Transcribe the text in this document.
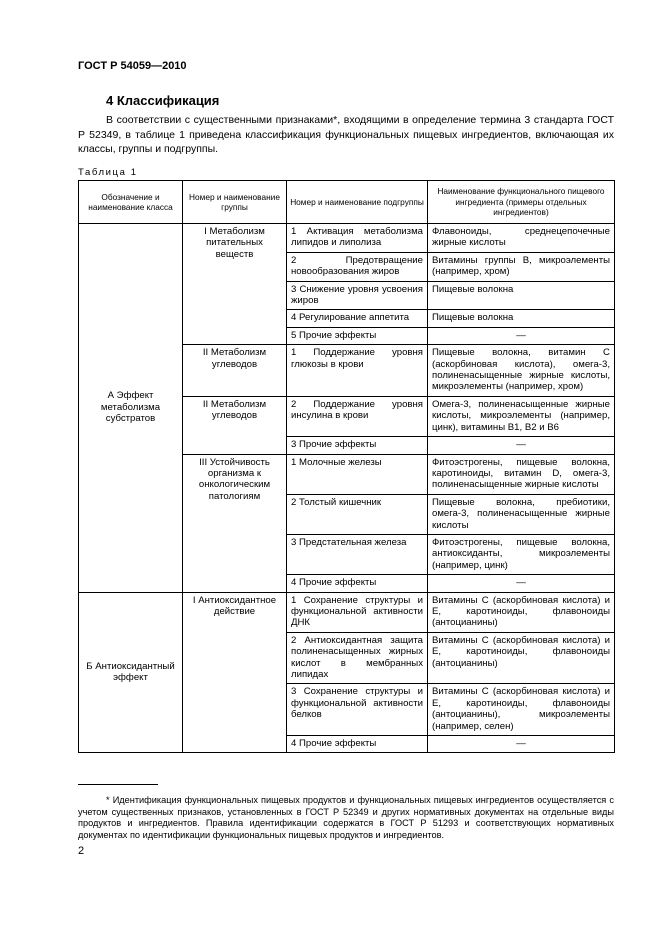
ГОСТ Р 54059—2010
4 Классификация
В соответствии с существенными признаками*, входящими в определение термина 3 стандарта ГОСТ Р 52349, в таблице 1 приведена классификация функциональных пищевых ингредиентов, включающая их классы, группы и подгруппы.
Таблица 1
Обозначение и наименование класса	Номер и наименование группы	Номер и наименование подгруппы	Наименование функционального пищевого ингредиента (примеры отдельных ингредиентов)
А Эффект метаболизма субстратов	I Метаболизм питательных веществ	1 Активация метаболизма липидов и липолиза	Флавоноиды, среднецепочечные жирные кислоты
		2 Предотвращение новообразования жиров	Витамины группы В, микроэлементы (например, хром)
		3 Снижение уровня усвоения жиров	Пищевые волокна
		4 Регулирование аппетита	Пищевые волокна
		5 Прочие эффекты	—
	II Метаболизм углеводов	1 Поддержание уровня глюкозы в крови	Пищевые волокна, витамин С (аскорбиновая кислота), омега-3, полиненасыщенные жирные кислоты, микроэлементы (например, хром)
	II Метаболизм углеводов	2 Поддержание уровня инсулина в крови	Омега-3, полиненасыщенные жирные кислоты, микроэлементы (например, цинк), витамины В1, В2 и В6
		3 Прочие эффекты	—
	III Устойчивость организма к онкологическим патологиям	1 Молочные железы	Фитоэстрогены, пищевые волокна, каротиноиды, витамин D, омега-3, полиненасыщенные жирные кислоты
		2 Толстый кишечник	Пищевые волокна, пребиотики, омега-3, полиненасыщенные жирные кислоты
		3 Предстательная железа	Фитоэстрогены, пищевые волокна, антиоксиданты, микроэлементы (например, цинк)
		4 Прочие эффекты	—
Б Антиоксидантный эффект	I Антиоксидантное действие	1 Сохранение структуры и функциональной активности ДНК	Витамины С (аскорбиновая кислота) и Е, каротиноиды, флавоноиды (антоцианины)
		2 Антиоксидантная защита полиненасыщенных жирных кислот в мембранных липидах	Витамины С (аскорбиновая кислота) и Е, каротиноиды, флавоноиды (антоцианины)
		3 Сохранение структуры и функциональной активности белков	Витамины С (аскорбиновая кислота) и Е, каротиноиды, флавоноиды (антоцианины), микроэлементы (например, селен)
		4 Прочие эффекты	—
* Идентификация функциональных пищевых продуктов и функциональных пищевых ингредиентов осуществляется с учетом существенных признаков, установленных в ГОСТ Р 52349 и других нормативных документах на отдельные виды продуктов и ингредиентов. Правила идентификации содержатся в ГОСТ Р 51293 и соответствующих нормативных документах по идентификации функциональных пищевых продуктов и ингредиентов.
2
